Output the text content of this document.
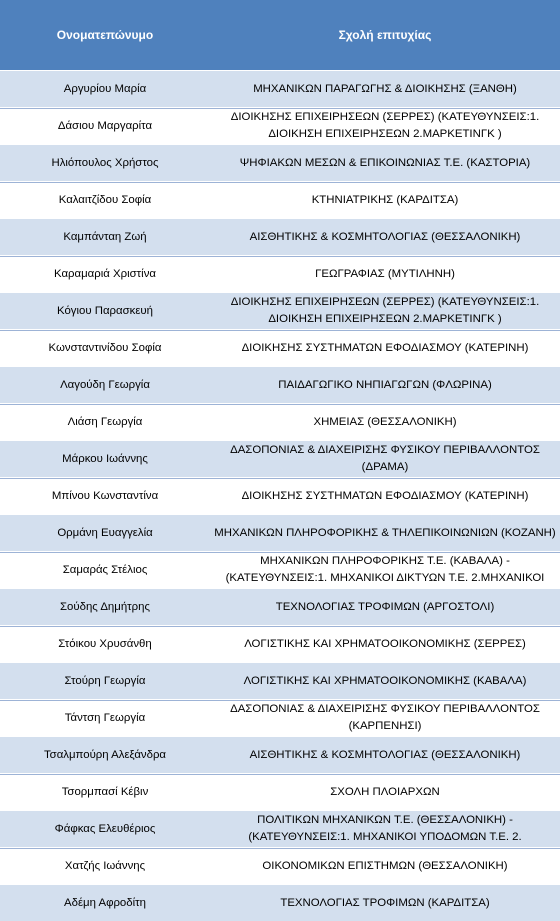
Ονοματεπώνυμο	Σχολή επιτυχίας
Αργυρίου Μαρία	ΜΗΧΑΝΙΚΩΝ ΠΑΡΑΓΩΓΗΣ & ΔΙΟΙΚΗΣΗΣ (ΞΑΝΘΗ)
Δάσιου Μαργαρίτα	ΔΙΟΙΚΗΣΗΣ ΕΠΙΧΕΙΡΗΣΕΩΝ (ΣΕΡΡΕΣ) (ΚΑΤΕΥΘΥΝΣΕΙΣ:1. ΔΙΟΙΚΗΣΗ ΕΠΙΧΕΙΡΗΣΕΩΝ 2.ΜΑΡΚΕΤΙΝΓΚ )
Ηλιόπουλος Χρήστος	ΨΗΦΙΑΚΩΝ ΜΕΣΩΝ & ΕΠΙΚΟΙΝΩΝΙΑΣ Τ.Ε. (ΚΑΣΤΟΡΙΑ)
Καλαιτζίδου Σοφία	ΚΤΗΝΙΑΤΡΙΚΗΣ (ΚΑΡΔΙΤΣΑ)
Καμπάνταη Ζωή	ΑΙΣΘΗΤΙΚΗΣ & ΚΟΣΜΗΤΟΛΟΓΙΑΣ (ΘΕΣΣΑΛΟΝΙΚΗ)
Καραμαριά Χριστίνα	ΓΕΩΓΡΑΦΙΑΣ (ΜΥΤΙΛΗΝΗ)
Κόγιου Παρασκευή	ΔΙΟΙΚΗΣΗΣ ΕΠΙΧΕΙΡΗΣΕΩΝ (ΣΕΡΡΕΣ) (ΚΑΤΕΥΘΥΝΣΕΙΣ:1. ΔΙΟΙΚΗΣΗ ΕΠΙΧΕΙΡΗΣΕΩΝ 2.ΜΑΡΚΕΤΙΝΓΚ )
Κωνσταντινίδου Σοφία	ΔΙΟΙΚΗΣΗΣ ΣΥΣΤΗΜΑΤΩΝ ΕΦΟΔΙΑΣΜΟΥ (ΚΑΤΕΡΙΝΗ)
Λαγούδη Γεωργία	ΠΑΙΔΑΓΩΓΙΚΟ ΝΗΠΙΑΓΩΓΩΝ (ΦΛΩΡΙΝΑ)
Λιάση Γεωργία	ΧΗΜΕΙΑΣ (ΘΕΣΣΑΛΟΝΙΚΗ)
Μάρκου Ιωάννης	ΔΑΣΟΠΟΝΙΑΣ & ΔΙΑΧΕΙΡΙΣΗΣ ΦΥΣΙΚΟΥ ΠΕΡΙΒΑΛΛΟΝΤΟΣ (ΔΡΑΜΑ)
Μπίνου Κωνσταντίνα	ΔΙΟΙΚΗΣΗΣ ΣΥΣΤΗΜΑΤΩΝ ΕΦΟΔΙΑΣΜΟΥ (ΚΑΤΕΡΙΝΗ)
Ορμάνη Ευαγγελία	ΜΗΧΑΝΙΚΩΝ ΠΛΗΡΟΦΟΡΙΚΗΣ & ΤΗΛΕΠΙΚΟΙΝΩΝΙΩΝ (ΚΟΖΑΝΗ)
Σαμαράς Στέλιος	ΜΗΧΑΝΙΚΩΝ ΠΛΗΡΟΦΟΡΙΚΗΣ Τ.Ε. (ΚΑΒΑΛΑ) - (ΚΑΤΕΥΘΥΝΣΕΙΣ:1. ΜΗΧΑΝΙΚΟΙ ΔΙΚΤΥΩΝ Τ.Ε. 2.ΜΗΧΑΝΙΚΟΙ
Σούδης Δημήτρης	ΤΕΧΝΟΛΟΓΙΑΣ ΤΡΟΦΙΜΩΝ (ΑΡΓΟΣΤΟΛΙ)
Στόικου Χρυσάνθη	ΛΟΓΙΣΤΙΚΗΣ ΚΑΙ ΧΡΗΜΑΤΟΟΙΚΟΝΟΜΙΚΗΣ (ΣΕΡΡΕΣ)
Στούρη Γεωργία	ΛΟΓΙΣΤΙΚΗΣ ΚΑΙ ΧΡΗΜΑΤΟΟΙΚΟΝΟΜΙΚΗΣ (ΚΑΒΑΛΑ)
Τάντση Γεωργία	ΔΑΣΟΠΟΝΙΑΣ & ΔΙΑΧΕΙΡΙΣΗΣ ΦΥΣΙΚΟΥ ΠΕΡΙΒΑΛΛΟΝΤΟΣ (ΚΑΡΠΕΝΗΣΙ)
Τσαλμπούρη Αλεξάνδρα	ΑΙΣΘΗΤΙΚΗΣ & ΚΟΣΜΗΤΟΛΟΓΙΑΣ (ΘΕΣΣΑΛΟΝΙΚΗ)
Τσορμπασί Κέβιν	ΣΧΟΛΗ ΠΛΟΙΑΡΧΩΝ
Φάφκας Ελευθέριος	ΠΟΛΙΤΙΚΩΝ ΜΗΧΑΝΙΚΩΝ Τ.Ε. (ΘΕΣΣΑΛΟΝΙΚΗ) - (ΚΑΤΕΥΘΥΝΣΕΙΣ:1. ΜΗΧΑΝΙΚΟΙ ΥΠΟΔΟΜΩΝ Τ.Ε. 2.
Χατζής Ιωάννης	ΟΙΚΟΝΟΜΙΚΩΝ ΕΠΙΣΤΗΜΩΝ (ΘΕΣΣΑΛΟΝΙΚΗ)
Αδέμη Αφροδίτη	ΤΕΧΝΟΛΟΓΙΑΣ ΤΡΟΦΙΜΩΝ (ΚΑΡΔΙΤΣΑ)
